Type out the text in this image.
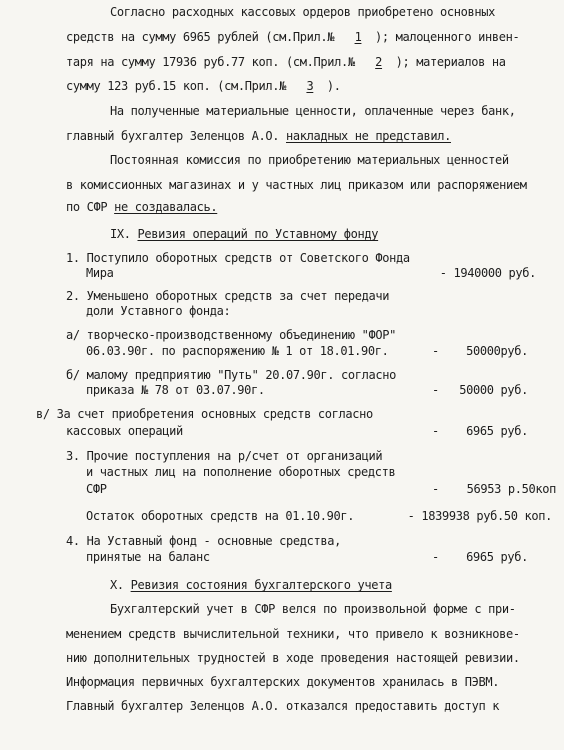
Согласно расходных кассовых ордеров приобретено основных
средств на сумму 6965 рублей (см.Прил.№ 1 ); малоценного инвен-
таря на сумму 17936 руб.77 коп. (см.Прил.№ 2 ); материалов на
сумму 123 руб.15 коп. (см.Прил.№ 3 ).
На полученные материальные ценности, оплаченные через банк,
главный бухгалтер Зеленцов А.О. накладных не представил.
Постоянная комиссия по приобретению материальных ценностей
в комиссионных магазинах и у частных лиц приказом или распоряжением
по СФР не создавалась.
IX. Ревизия операций по Уставному фонду
1. Поступило оборотных средств от Советского Фонда
Мира	- 1940000 руб.
2. Уменьшено оборотных средств за счет передачи
доли Уставного фонда:
а/ творческо-производственному объединению "ФОР"
06.03.90г. по распоряжению № 1 от 18.01.90г.	- 50000руб.
б/ малому предприятию "Путь" 20.07.90г. согласно
приказа № 78 от 03.07.90г.	- 50000 руб.
в/ За счет приобретения основных средств согласно
кассовых операций	- 6965 руб.
3. Прочие поступления на р/счет от организаций
и частных лиц на пополнение оборотных средств
СФР	- 56953 р.50коп
Остаток оборотных средств на 01.10.90г.	- 1839938 руб.50 коп.
4. На Уставный фонд - основные средства,
принятые на баланс	- 6965 руб.
X. Ревизия состояния бухгалтерского учета
Бухгалтерский учет в СФР велся по произвольной форме с при-
менением средств вычислительной техники, что привело к возникнове-
нию дополнительных трудностей в ходе проведения настоящей ревизии.
Информация первичных бухгалтерских документов хранилась в ПЭВМ.
Главный бухгалтер Зеленцов А.О. отказался предоставить доступ к
